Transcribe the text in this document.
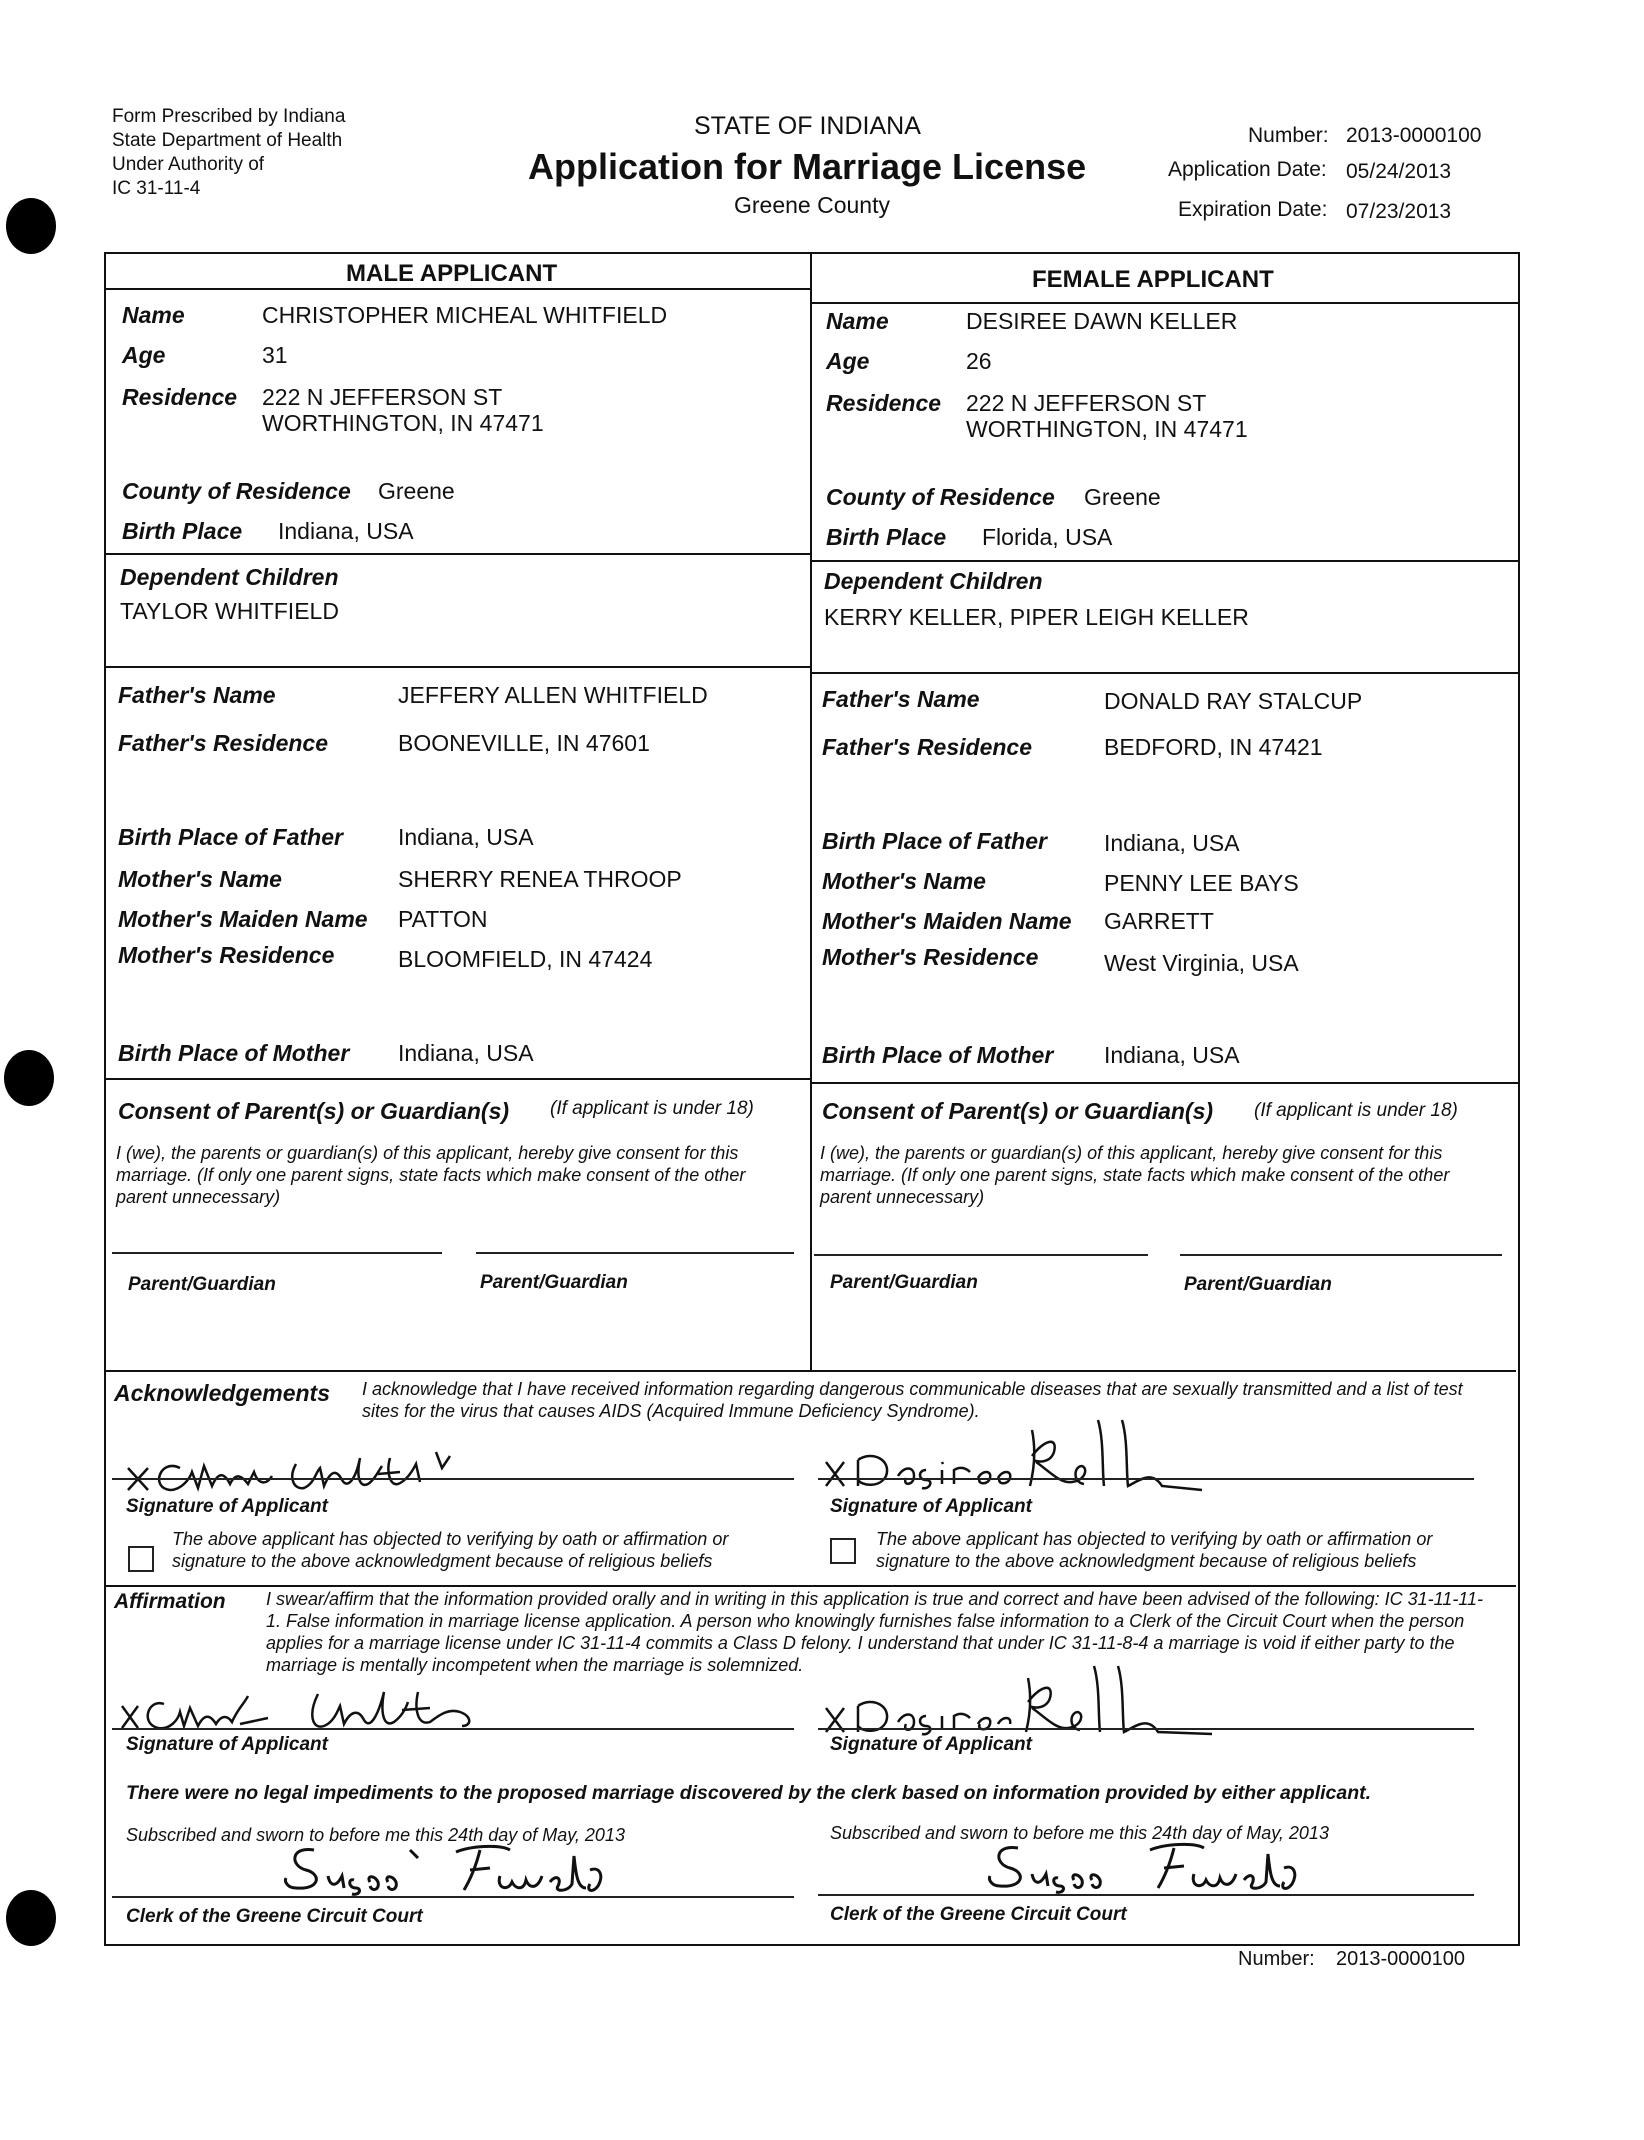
Form Prescribed by Indiana
State Department of Health
Under Authority of
IC 31-11-4
STATE OF INDIANA
Application for Marriage License
Greene County
Number: 2013-0000100
Application Date: 05/24/2013
Expiration Date: 07/23/2013
MALE APPLICANT
Name	CHRISTOPHER MICHEAL WHITFIELD
Age	31
Residence 222 N JEFFERSON ST
WORTHINGTON, IN 47471
County of Residence Greene
Birth Place Indiana, USA
Dependent Children
TAYLOR WHITFIELD
Father's Name	JEFFERY ALLEN WHITFIELD
Father's Residence	BOONEVILLE, IN 47601
Birth Place of Father Indiana, USA
Mother's Name	SHERRY RENEA THROOP
Mother's Maiden Name PATTON
Mother's Residence	BLOOMFIELD, IN 47424
Birth Place of Mother Indiana, USA
FEMALE APPLICANT
Name	DESIREE DAWN KELLER
Age	26
Residence 222 N JEFFERSON ST
WORTHINGTON, IN 47471
County of Residence Greene
Birth Place Florida, USA
Dependent Children
KERRY KELLER, PIPER LEIGH KELLER
Father's Name	DONALD RAY STALCUP
Father's Residence	BEDFORD, IN 47421
Birth Place of Father Indiana, USA
Mother's Name	PENNY LEE BAYS
Mother's Maiden Name GARRETT
Mother's Residence	West Virginia, USA
Birth Place of Mother Indiana, USA
Consent of Parent(s) or Guardian(s) (If applicant is under 18)
I (we), the parents or guardian(s) of this applicant, hereby give consent for this marriage. (If only one parent signs, state facts which make consent of the other parent unnecessary)
Parent/Guardian	Parent/Guardian
Consent of Parent(s) or Guardian(s) (If applicant is under 18)
I (we), the parents or guardian(s) of this applicant, hereby give consent for this marriage. (If only one parent signs, state facts which make consent of the other parent unnecessary)
Parent/Guardian	Parent/Guardian
Acknowledgements I acknowledge that I have received information regarding dangerous communicable diseases that are sexually transmitted and a list of test sites for the virus that causes AIDS (Acquired Immune Deficiency Syndrome).
Signature of Applicant	Signature of Applicant
The above applicant has objected to verifying by oath or affirmation or signature to the above acknowledgment because of religious beliefs
The above applicant has objected to verifying by oath or affirmation or signature to the above acknowledgment because of religious beliefs
Affirmation I swear/affirm that the information provided orally and in writing in this application is true and correct and have been advised of the following: IC 31-11-11-1. False information in marriage license application. A person who knowingly furnishes false information to a Clerk of the Circuit Court when the person applies for a marriage license under IC 31-11-4 commits a Class D felony. I understand that under IC 31-11-8-4 a marriage is void if either party to the marriage is mentally incompetent when the marriage is solemnized.
Signature of Applicant	Signature of Applicant
There were no legal impediments to the proposed marriage discovered by the clerk based on information provided by either applicant.
Subscribed and sworn to before me this 24th day of May, 2013
Clerk of the Greene Circuit Court
Subscribed and sworn to before me this 24th day of May, 2013
Clerk of the Greene Circuit Court
Number: 2013-0000100
